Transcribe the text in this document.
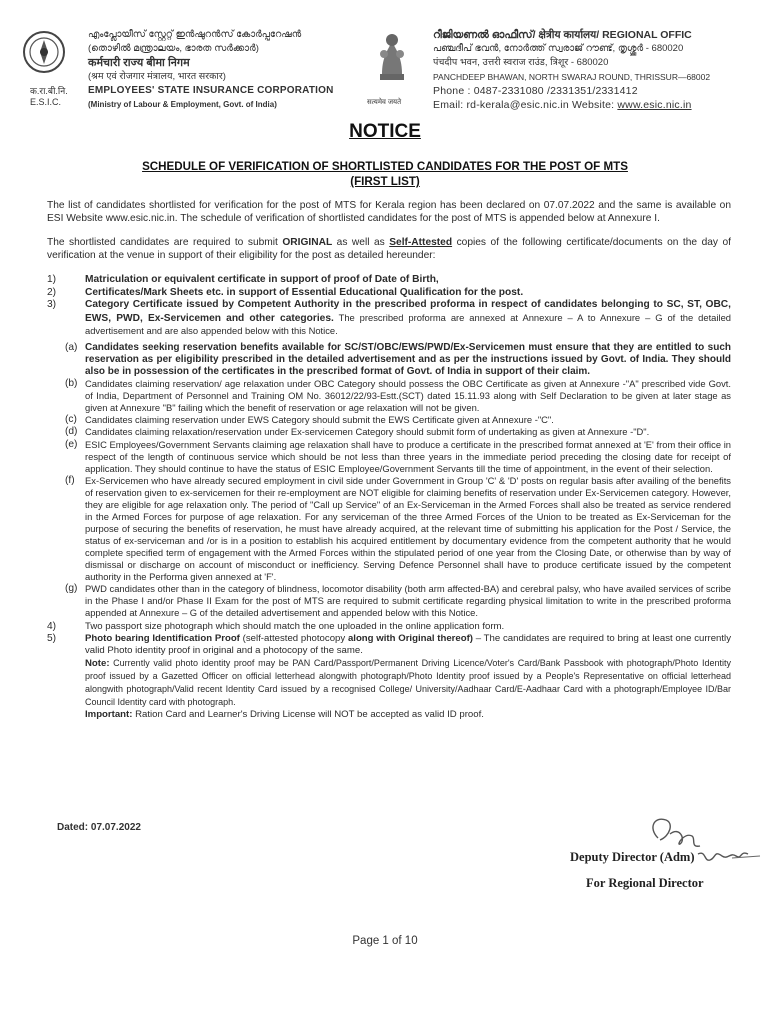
क.रा.बी.नि.
E.S.I.C.
എംപ്ലോയീസ് സ്റ്റേറ്റ് ഇൻഷുറൻസ് കോർപ്പറേഷൻ
(തൊഴിൽ മന്ത്രാലയം, ഭാരത സർക്കാർ)
कर्मचारी राज्य बीमा निगम
(श्रम एवं रोजगार मंत्रालय, भारत सरकार)
EMPLOYEES' STATE INSURANCE CORPORATION
(Ministry of Labour & Employment, Govt. of India)	सत्यमेव जयते
റീജിയണൽ ഓഫീസ്/ क्षेत्रीय कार्यालय/ REGIONAL OFFIC
പഞ്ചദീപ് ഭവൻ, നോർത്ത് സ്വരാജ് റൗണ്ട്, തൃശ്ശൂർ - 680020
पंचदीप भवन, उत्तरी स्वराज राउंड, त्रिशूर - 680020
PANCHDEEP BHAWAN, NORTH SWARAJ ROUND, THRISSUR—68002
Phone : 0487-2331080 /2331351/2331412
Email: rd-kerala@esic.nic.in Website: www.esic.nic.in
NOTICE
SCHEDULE OF VERIFICATION OF SHORTLISTED CANDIDATES FOR THE POST OF MTS
(FIRST LIST)

The list of candidates shortlisted for verification for the post of MTS for Kerala region has been declared on 07.07.2022 and the same is available on ESI Website www.esic.nic.in. The schedule of verification of shortlisted candidates for the post of MTS is appended below at Annexure I.

The shortlisted candidates are required to submit ORIGINAL as well as Self-Attested copies of the following certificate/documents on the day of verification at the venue in support of their eligibility for the post as detailed hereunder:

1)	Matriculation or equivalent certificate in support of proof of Date of Birth,
2)	Certificates/Mark Sheets etc. in support of Essential Educational Qualification for the post.
3)	Category Certificate issued by Competent Authority in the prescribed proforma in respect of candidates belonging to SC, ST, OBC, EWS, PWD, Ex-Servicemen and other categories. The prescribed proforma are annexed at Annexure – A to Annexure – G of the detailed advertisement and are also appended below with this Notice.
(a) Candidates seeking reservation benefits available for SC/ST/OBC/EWS/PWD/Ex-Servicemen must ensure that they are entitled to such reservation as per eligibility prescribed in the detailed advertisement and as per the instructions issued by Govt. of India. They should also be in possession of the certificates in the prescribed format of Govt. of India in support of their claim.
(b) Candidates claiming reservation/ age relaxation under OBC Category should possess the OBC Certificate as given at Annexure -"A" prescribed vide Govt. of India, Department of Personnel and Training OM No. 36012/22/93-Estt.(SCT) dated 15.11.93 along with Self Declaration to be given at later stage as given at Annexure "B" failing which the benefit of reservation or age relaxation will not be given.
(c) Candidates claiming reservation under EWS Category should submit the EWS Certificate given at Annexure -"C".
(d) Candidates claiming relaxation/reservation under Ex-servicemen Category should submit form of undertaking as given at Annexure -"D".
(e) ESIC Employees/Government Servants claiming age relaxation shall have to produce a certificate in the prescribed format annexed at 'E' from their office in respect of the length of continuous service which should be not less than three years in the immediate period preceding the closing date for receipt of application. They should continue to have the status of ESIC Employee/Government Servants till the time of appointment, in the event of their selection.
(f)	Ex-Servicemen who have already secured employment in civil side under Government in Group 'C' & 'D' posts on regular basis after availing of the benefits of reservation given to ex-servicemen for their re-employment are NOT eligible for claiming benefits of reservation under Ex-Servicemen category. However, they are eligible for age relaxation only. The period of "Call up Service" of an Ex-Serviceman in the Armed Forces shall also be treated as service rendered in the Armed Forces for purpose of age relaxation. For any serviceman of the three Armed Forces of the Union to be treated as Ex-Serviceman for the purpose of securing the benefits of reservation, he must have already acquired, at the relevant time of submitting his application for the Post / Service, the status of ex-serviceman and /or is in a position to establish his acquired entitlement by documentary evidence from the competent authority that he would complete specified term of engagement with the Armed Forces within the stipulated period of one year from the Closing Date, or otherwise than by way of dismissal or discharge on account of misconduct or inefficiency. Serving Defence Personnel shall have to produce certificate issued by the competent authority in the Performa given annexed at 'F'.
(g) PWD candidates other than in the category of blindness, locomotor disability (both arm affected-BA) and cerebral palsy, who have availed services of scribe in the Phase I and/or Phase II Exam for the post of MTS are required to submit certificate regarding physical limitation to write in the prescribed proforma appended at Annexure – G of the detailed advertisement and appended below with this Notice.
4)	Two passport size photograph which should match the one uploaded in the online application form.
5)	Photo bearing Identification Proof (self-attested photocopy along with Original thereof) – The candidates are required to bring at least one currently valid Photo identity proof in original and a photocopy of the same.
Note: Currently valid photo identity proof may be PAN Card/Passport/Permanent Driving Licence/Voter's Card/Bank Passbook with photograph/Photo Identity proof issued by a Gazetted Officer on official letterhead alongwith photograph/Photo Identity proof issued by a People's Representative on official letterhead alongwith photograph/Valid recent Identity Card issued by a recognised College/ University/Aadhaar Card/E-Aadhaar Card with a photograph/Employee ID/Bar Council Identity card with photograph.
Important: Ration Card and Learner's Driving License will NOT be accepted as valid ID proof.
Dated: 07.07.2022
Deputy Director (Adm)
For Regional Director
Page 1 of 10
